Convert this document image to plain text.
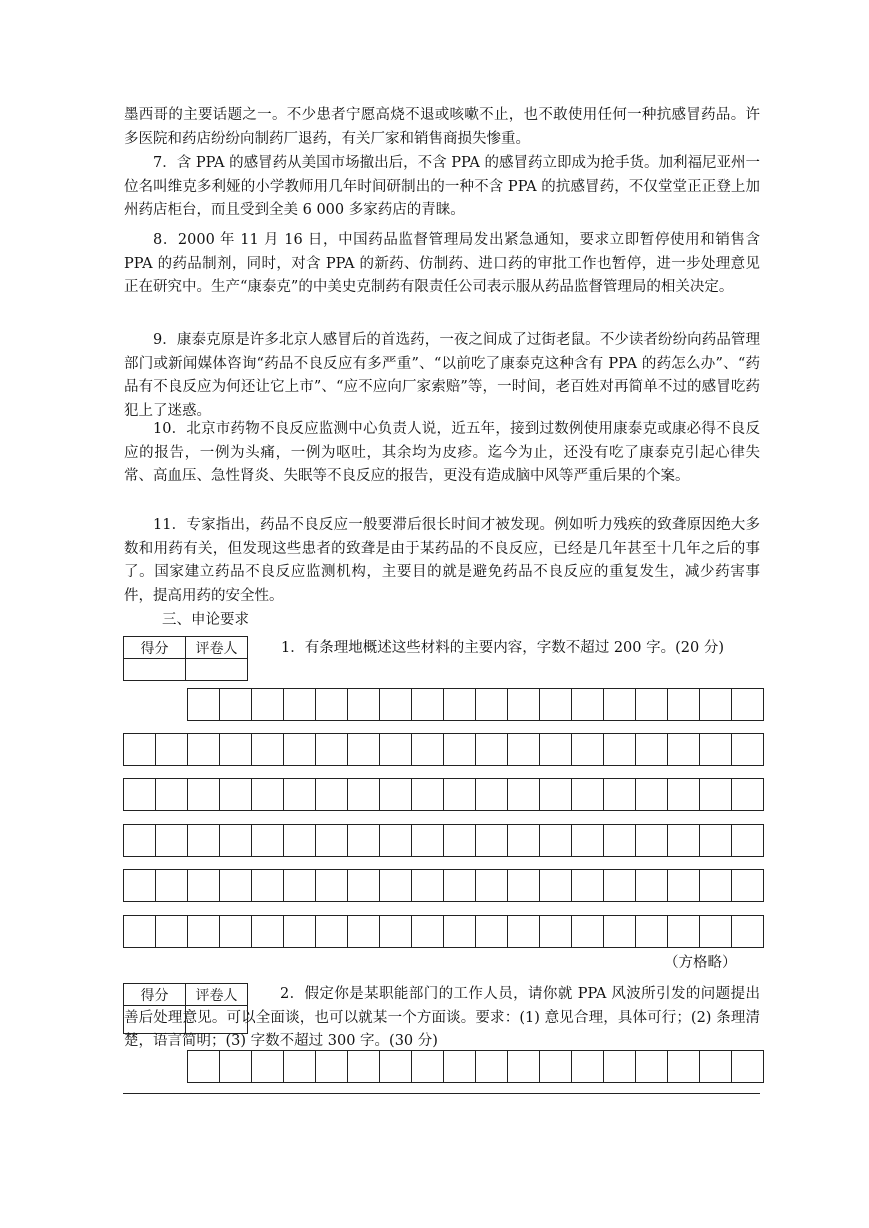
墨西哥的主要话题之一。不少患者宁愿高烧不退或咳嗽不止，也不敢使用任何一种抗感冒药品。许多医院和药店纷纷向制药厂退药，有关厂家和销售商损失惨重。

7．含 PPA 的感冒药从美国市场撤出后，不含 PPA 的感冒药立即成为抢手货。加利福尼亚州一位名叫维克多利娅的小学教师用几年时间研制出的一种不含 PPA 的抗感冒药，不仅堂堂正正登上加州药店柜台，而且受到全美 6 000 多家药店的青睐。

8．2000 年 11 月 16 日，中国药品监督管理局发出紧急通知，要求立即暂停使用和销售含 PPA 的药品制剂，同时，对含 PPA 的新药、仿制药、进口药的审批工作也暂停，进一步处理意见正在研究中。生产“康泰克”的中美史克制药有限责任公司表示服从药品监督管理局的相关决定。

9．康泰克原是许多北京人感冒后的首选药，一夜之间成了过街老鼠。不少读者纷纷向药品管理部门或新闻媒体咨询“药品不良反应有多严重”、“以前吃了康泰克这种含有 PPA 的药怎么办”、“药品有不良反应为何还让它上市”、“应不应向厂家索赔”等，一时间，老百姓对再简单不过的感冒吃药犯上了迷惑。

10．北京市药物不良反应监测中心负责人说，近五年，接到过数例使用康泰克或康必得不良反应的报告，一例为头痛，一例为呕吐，其余均为皮疹。迄今为止，还没有吃了康泰克引起心律失常、高血压、急性肾炎、失眠等不良反应的报告，更没有造成脑中风等严重后果的个案。

11．专家指出，药品不良反应一般要滞后很长时间才被发现。例如听力残疾的致聋原因绝大多数和用药有关，但发现这些患者的致聋是由于某药品的不良反应，已经是几年甚至十几年之后的事了。国家建立药品不良反应监测机构，主要目的就是避免药品不良反应的重复发生，减少药害事件，提高用药的安全性。

三、申论要求

得分	评卷人
		1．有条理地概述这些材料的主要内容，字数不超过 200 字。(20 分)

（方格略）

得分	评卷人
		2．假定你是某职能部门的工作人员，请你就 PPA 风波所引发的问题提出善后处理意见。可以全面谈，也可以就某一个方面谈。要求：(1) 意见合理，具体可行；(2) 条理清楚，语言简明；(3) 字数不超过 300 字。(30 分)
